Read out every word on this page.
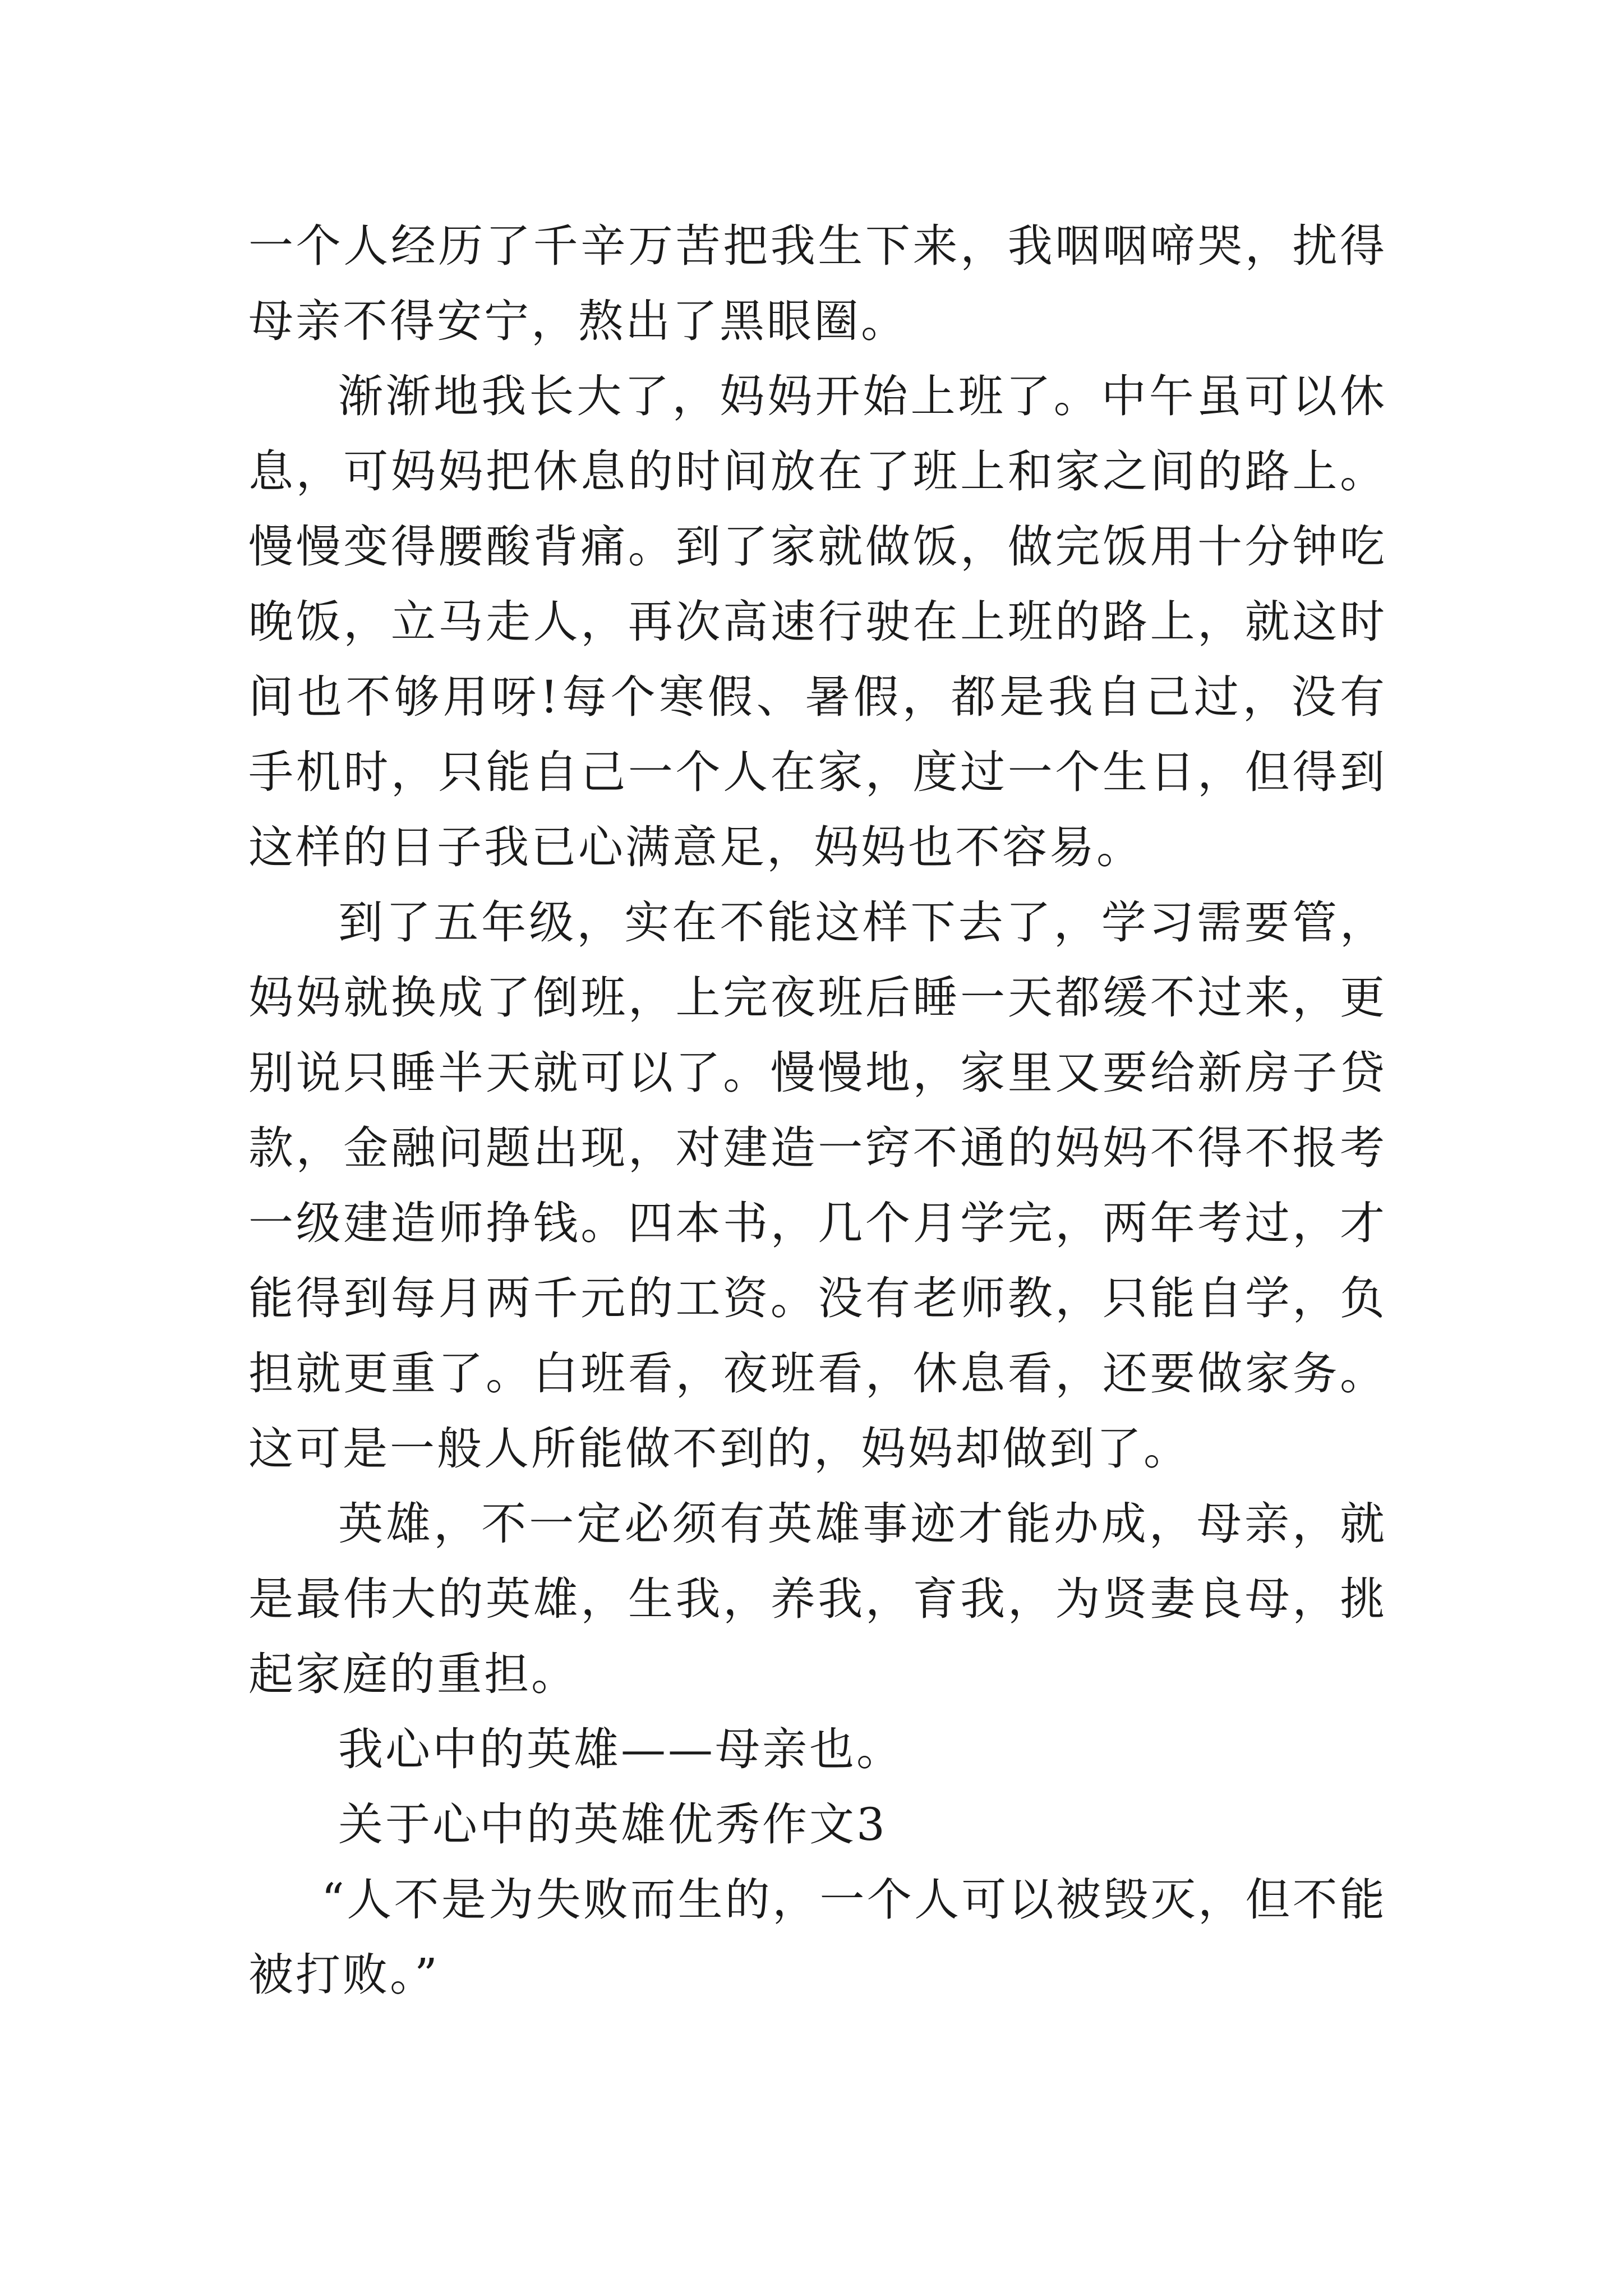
一个人经历了千辛万苦把我生下来，我咽咽啼哭，扰得母亲不得安宁，熬出了黑眼圈。

渐渐地我长大了，妈妈开始上班了。中午虽可以休息，可妈妈把休息的时间放在了班上和家之间的路上。慢慢变得腰酸背痛。到了家就做饭，做完饭用十分钟吃晚饭，立马走人，再次高速行驶在上班的路上，就这时间也不够用呀!每个寒假、暑假，都是我自己过，没有手机时，只能自己一个人在家，度过一个生日，但得到这样的日子我已心满意足，妈妈也不容易。

到了五年级，实在不能这样下去了，学习需要管，妈妈就换成了倒班，上完夜班后睡一天都缓不过来，更别说只睡半天就可以了。慢慢地，家里又要给新房子贷款，金融问题出现，对建造一窍不通的妈妈不得不报考一级建造师挣钱。四本书，几个月学完，两年考过，才能得到每月两千元的工资。没有老师教，只能自学，负担就更重了。白班看，夜班看，休息看，还要做家务。这可是一般人所能做不到的，妈妈却做到了。

英雄，不一定必须有英雄事迹才能办成，母亲，就是最伟大的英雄，生我，养我，育我，为贤妻良母，挑起家庭的重担。

我心中的英雄——母亲也。

关于心中的英雄优秀作文3

“人不是为失败而生的，一个人可以被毁灭，但不能被打败。”
